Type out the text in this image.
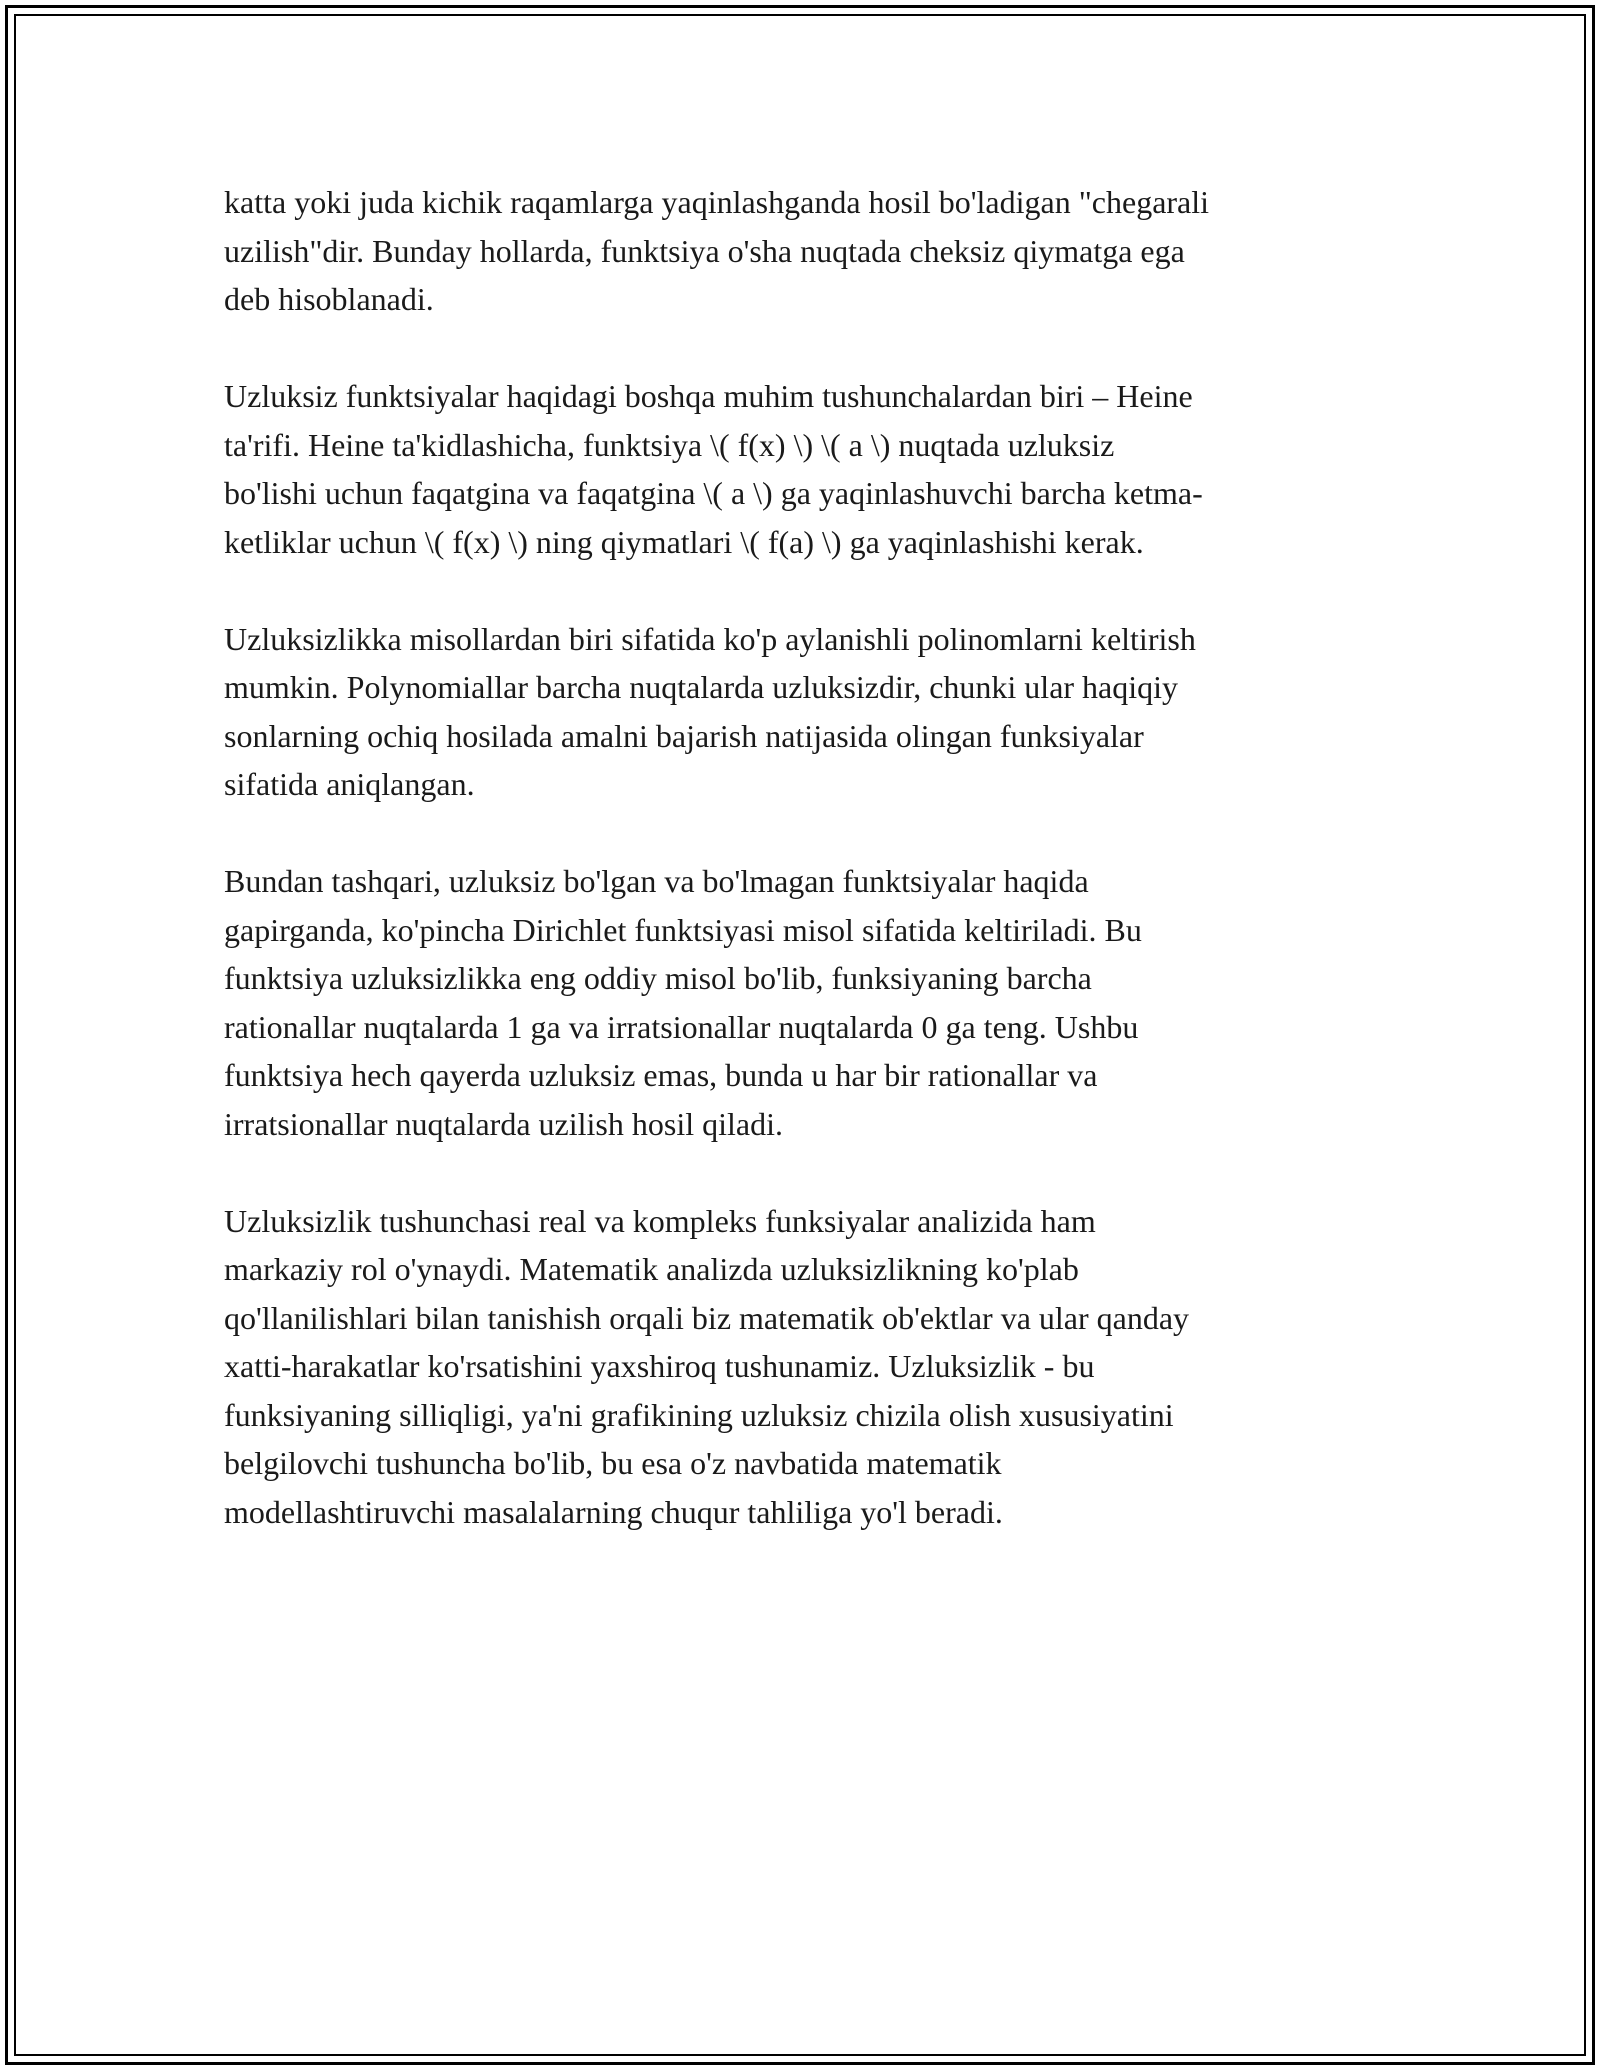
katta yoki juda kichik raqamlarga yaqinlashganda hosil bo'ladigan "chegarali
uzilish"dir. Bunday hollarda, funktsiya o'sha nuqtada cheksiz qiymatga ega
deb hisoblanadi.

Uzluksiz funktsiyalar haqidagi boshqa muhim tushunchalardan biri – Heine
ta'rifi. Heine ta'kidlashicha, funktsiya \( f(x) \) \( a \) nuqtada uzluksiz
bo'lishi uchun faqatgina va faqatgina \( a \) ga yaqinlashuvchi barcha ketma-
ketliklar uchun \( f(x) \) ning qiymatlari \( f(a) \) ga yaqinlashishi kerak.

Uzluksizlikka misollardan biri sifatida ko'p aylanishli polinomlarni keltirish
mumkin. Polynomiallar barcha nuqtalarda uzluksizdir, chunki ular haqiqiy
sonlarning ochiq hosilada amalni bajarish natijasida olingan funksiyalar
sifatida aniqlangan.

Bundan tashqari, uzluksiz bo'lgan va bo'lmagan funktsiyalar haqida
gapirganda, ko'pincha Dirichlet funktsiyasi misol sifatida keltiriladi. Bu
funktsiya uzluksizlikka eng oddiy misol bo'lib, funksiyaning barcha
rationallar nuqtalarda 1 ga va irratsionallar nuqtalarda 0 ga teng. Ushbu
funktsiya hech qayerda uzluksiz emas, bunda u har bir rationallar va
irratsionallar nuqtalarda uzilish hosil qiladi.

Uzluksizlik tushunchasi real va kompleks funksiyalar analizida ham
markaziy rol o'ynaydi. Matematik analizda uzluksizlikning ko'plab
qo'llanilishlari bilan tanishish orqali biz matematik ob'ektlar va ular qanday
xatti-harakatlar ko'rsatishini yaxshiroq tushunamiz. Uzluksizlik - bu
funksiyaning silliqligi, ya'ni grafikining uzluksiz chizila olish xususiyatini
belgilovchi tushuncha bo'lib, bu esa o'z navbatida matematik
modellashtiruvchi masalalarning chuqur tahliliga yo'l beradi.
